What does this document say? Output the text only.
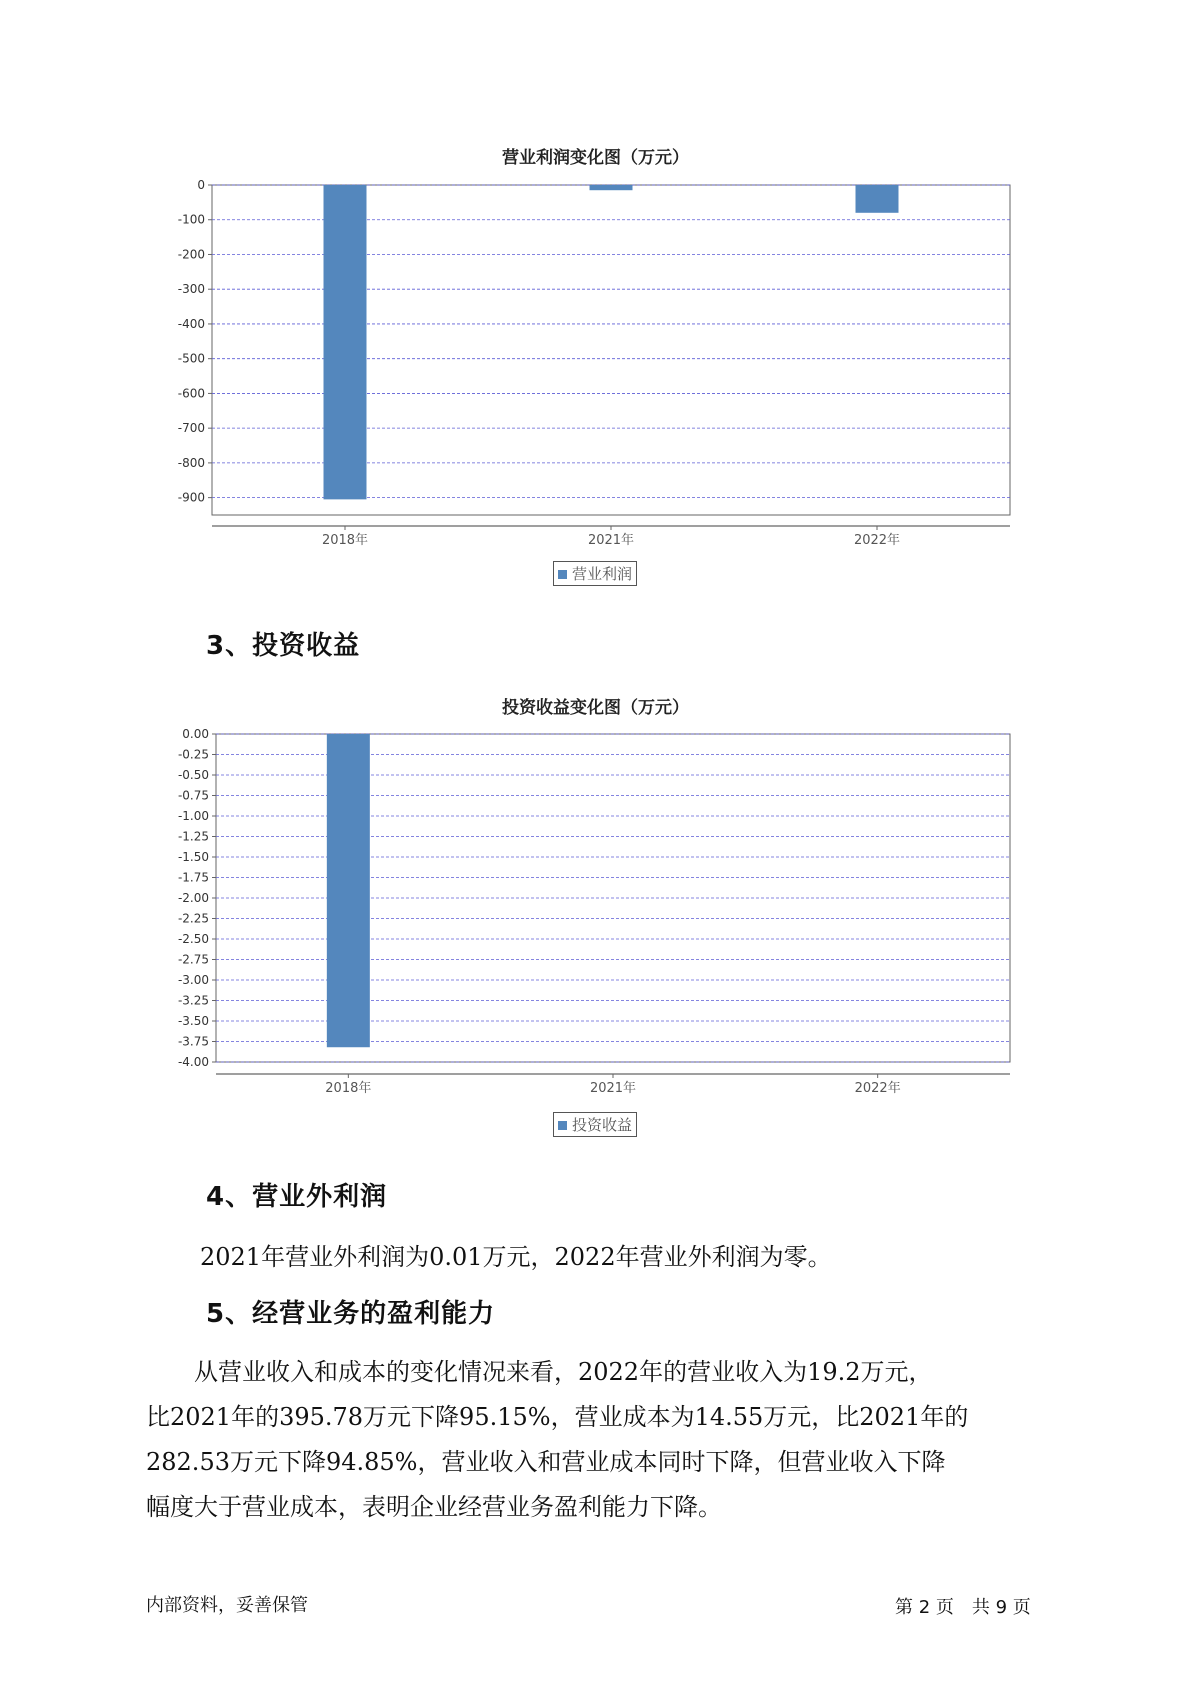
营业利润变化图（万元）
0
-100
-200
-300
-400
-500
-600
-700
-800
-900
2018年	2021年	2022年
营业利润
3、投资收益
投资收益变化图（万元）
0.00
-0.25
-0.50
-0.75
-1.00
-1.25
-1.50
-1.75
-2.00
-2.25
-2.50
-2.75
-3.00
-3.25
-3.50
-3.75
-4.00
2018年	2021年	2022年
投资收益
4、营业外利润
2021年营业外利润为0.01万元，2022年营业外利润为零。
5、经营业务的盈利能力
　　从营业收入和成本的变化情况来看，2022年的营业收入为19.2万元，
比2021年的395.78万元下降95.15%，营业成本为14.55万元，比2021年的
282.53万元下降94.85%，营业收入和营业成本同时下降，但营业收入下降
幅度大于营业成本，表明企业经营业务盈利能力下降。
内部资料，妥善保管	第 2 页　共 9 页
